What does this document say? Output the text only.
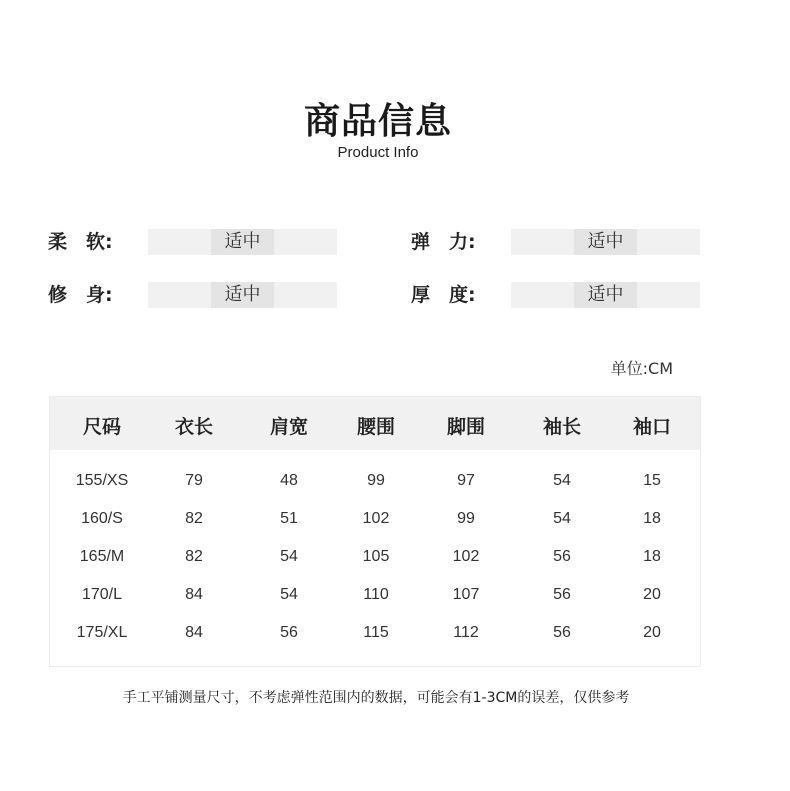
商品信息
Product Info
柔　软:	适中	弹　力:	适中
修　身:	适中	厚　度:	适中
单位:CM
尺码	衣长	肩宽	腰围	脚围	袖长	袖口
155/XS	79	48	99	97	54	15
160/S	82	51	102	99	54	18
165/M	82	54	105	102	56	18
170/L	84	54	110	107	56	20
175/XL	84	56	115	112	56	20
手工平铺测量尺寸，不考虑弹性范围内的数据，可能会有1-3CM的误差，仅供参考
